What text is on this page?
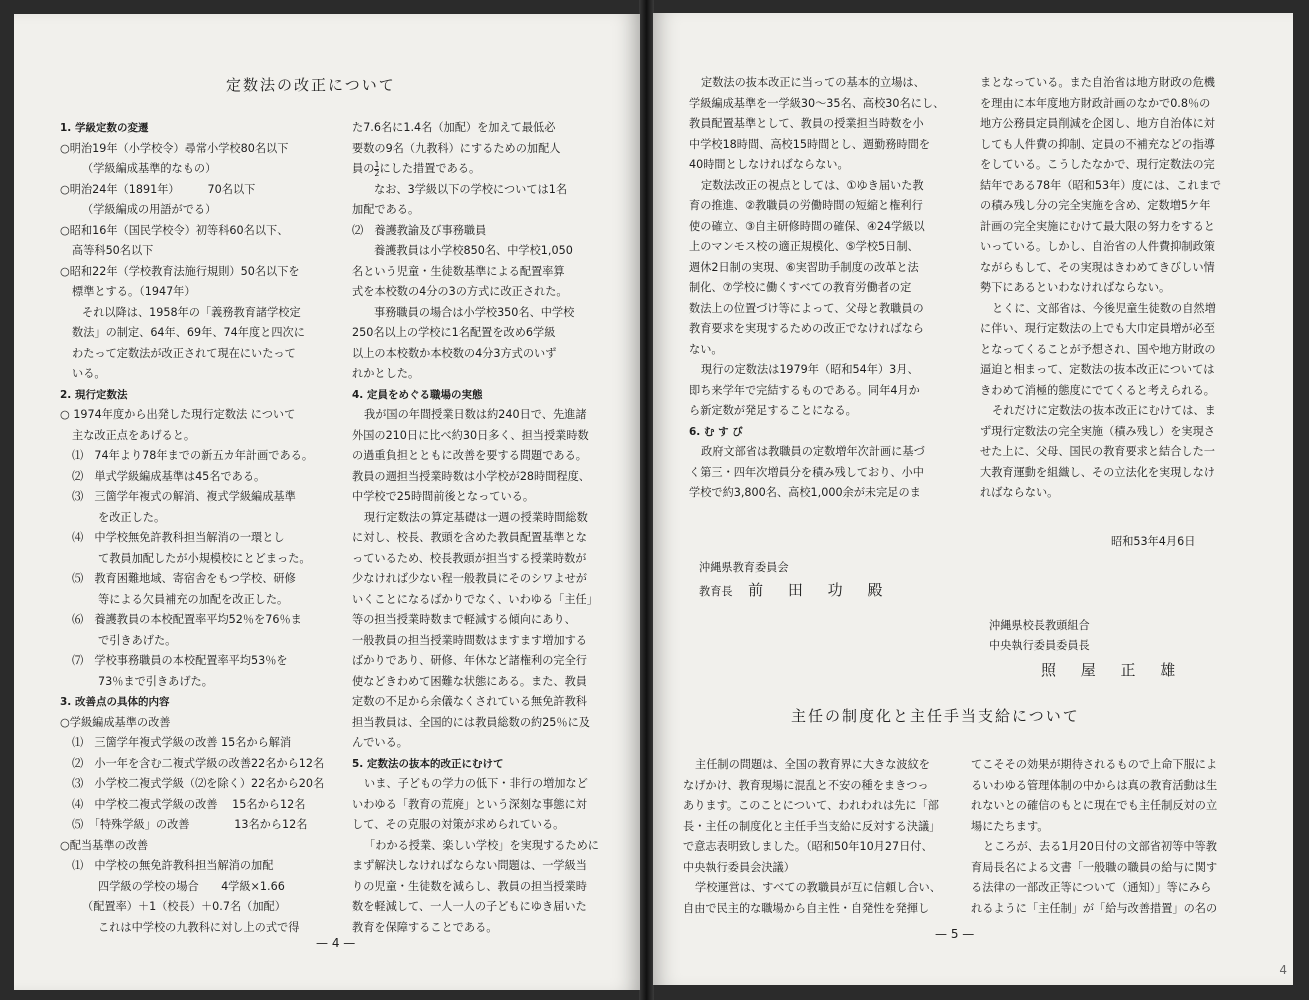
定数法の改正について

1. 学級定数の変遷

○明治19年（小学校令）尋常小学校80名以下

（学級編成基準的なもの）

○明治24年（1891年）　　　70名以下

（学級編成の用語がでる）

○昭和16年（国民学校令）初等科60名以下、

高等科50名以下

○昭和22年（学校教育法施行規則）50名以下を

標準とする。（1947年）

それ以降は、1958年の「義務教育諸学校定

数法」の制定、64年、69年、74年度と四次に

わたって定数法が改正されて現在にいたって

いる。

2. 現行定数法

○ 1974年度から出発した現行定数法 について

主な改正点をあげると。

⑴　74年より78年までの新五カ年計画である。

⑵　単式学級編成基準は45名である。

⑶　三箇学年複式の解消、複式学級編成基準

を改正した。

⑷　中学校無免許教科担当解消の一環とし

て教員加配したが小規模校にとどまった。

⑸　教育困難地域、寄宿舎をもつ学校、研修

等による欠員補充の加配を改正した。

⑹　養護教員の本校配置率平均52％を76％ま

で引きあげた。

⑺　学校事務職員の本校配置率平均53％を

73％まで引きあげた。

3. 改善点の具体的内容

○学級編成基準の改善

⑴　三箇学年複式学級の改善 15名から解消

⑵　小一年を含む二複式学級の改善22名から12名

⑶　小学校二複式学級（⑵を除く）22名から20名

⑷　中学校二複式学級の改善　 15名から12名

⑸　「特殊学級」の改善　　　　13名から12名

○配当基準の改善

⑴　中学校の無免許教科担当解消の加配

四学級の学校の場合　　4学級×1.66

（配置率）＋1（校長）＋0.7名（加配）

これは中学校の九教科に対し上の式で得

た7.6名に1.4名（加配）を加えて最低必

要数の9名（九教科）にするための加配人

員の $\frac{1}{2}$ にした措置である。

なお、3学級以下の学校については1名

加配である。

⑵　養護教諭及び事務職員

養護教員は小学校850名、中学校1,050

名という児童・生徒数基準による配置率算

式を本校数の4分の3の方式に改正された。

事務職員の場合は小学校350名、中学校

250名以上の学校に1名配置を改め6学級

以上の本校数か本校数の4分3方式のいず

れかとした。

4. 定員をめぐる職場の実態

我が国の年間授業日数は約240日で、先進諸

外国の210日に比べ約30日多く、担当授業時数

の過重負担とともに改善を要する問題である。

教員の週担当授業時数は小学校が28時間程度、

中学校で25時間前後となっている。

現行定数法の算定基礎は一週の授業時間総数

に対し、校長、教頭を含めた教員配置基準とな

っているため、校長教頭が担当する授業時数が

少なければ少ない程一般教員にそのシワよせが

いくことになるばかりでなく、いわゆる「主任」

等の担当授業時数まで軽減する傾向にあり、

一般教員の担当授業時間数はますます増加する

ばかりであり、研修、年休など諸権利の完全行

使などきわめて困難な状態にある。また、教員

定数の不足から余儀なくされている無免許教科

担当教員は、全国的には教員総数の約25％に及

んでいる。

5. 定数法の抜本的改正にむけて

いま、子どもの学力の低下・非行の増加など

いわゆる「教育の荒廃」という深刻な事態に対

して、その克服の対策が求められている。

「わかる授業、楽しい学校」を実現するために

まず解決しなければならない問題は、一学級当

りの児童・生徒数を減らし、教員の担当授業時

数を軽減して、一人一人の子どもにゆき届いた

教育を保障することである。

— 4 —

定数法の抜本改正に当っての基本的立場は、

学級編成基準を一学級30～35名、高校30名にし、

教員配置基準として、教員の授業担当時数を小

中学校18時間、高校15時間とし、週勤務時間を

40時間としなければならない。

定数法改正の視点としては、①ゆき届いた教

育の推進、②教職員の労働時間の短縮と権利行

使の確立、③自主研修時間の確保、④24学級以

上のマンモス校の適正規模化、⑤学校5日制、

週休2日制の実現、⑥実習助手制度の改革と法

制化、⑦学校に働くすべての教育労働者の定

数法上の位置づけ等によって、父母と教職員の

教育要求を実現するための改正でなければなら

ない。

現行の定数法は1979年（昭和54年）3月、

即ち来学年で完結するものである。同年4月か

ら新定数が発足することになる。

6. む す び

政府文部省は教職員の定数増年次計画に基づ

く第三・四年次増員分を積み残しており、小中

学校で約3,800名、高校1,000余が未完足のま

まとなっている。また自治省は地方財政の危機

を理由に本年度地方財政計画のなかで0.8％の

地方公務員定員削減を企図し、地方自治体に対

しても人件費の抑制、定員の不補充などの指導

をしている。こうしたなかで、現行定数法の完

結年である78年（昭和53年）度には、これまで

の積み残し分の完全実施を含め、定数増5ケ年

計画の完全実施にむけて最大限の努力をすると

いっている。しかし、自治省の人件費抑制政策

ながらもして、その実現はきわめてきびしい情

勢下にあるといわなければならない。

とくに、文部省は、今後児童生徒数の自然増

に伴い、現行定数法の上でも大巾定員増が必至

となってくることが予想され、国や地方財政の

逼迫と相まって、定数法の抜本改正については

きわめて消極的態度にでてくると考えられる。

それだけに定数法の抜本改正にむけては、ま

ず現行定数法の完全実施（積み残し）を実現さ

せた上に、父母、国民の教育要求と結合した一

大教育運動を組織し、その立法化を実現しなけ

ればならない。

昭和53年4月6日
沖縄県教育委員会
教育長 前 田 功 殿
沖縄県校長教頭組合
中央執行委員委員長
照 屋 正 雄
主任の制度化と主任手当支給について

主任制の問題は、全国の教育界に大きな波紋を

なげかけ、教育現場に混乱と不安の種をまきつっ

あります。このことについて、われわれは先に「部

長・主任の制度化と主任手当支給に反対する決議」

で意志表明致しました。（昭和50年10月27日付、

中央執行委員会決議）

学校運営は、すべての教職員が互に信頼し合い、

自由で民主的な職場から自主性・自発性を発揮し

てこそその効果が期待されるもので上命下服によ

るいわゆる管理体制の中からは真の教育活動は生

れないとの確信のもとに現在でも主任制反対の立

場にたちます。

ところが、去る1月20日付の文部省初等中等教

育局長名による文書「一般職の職員の給与に関す

る法律の一部改正等について（通知）」等にみら

れるように「主任制」が「給与改善措置」の名の

— 5 —
4
